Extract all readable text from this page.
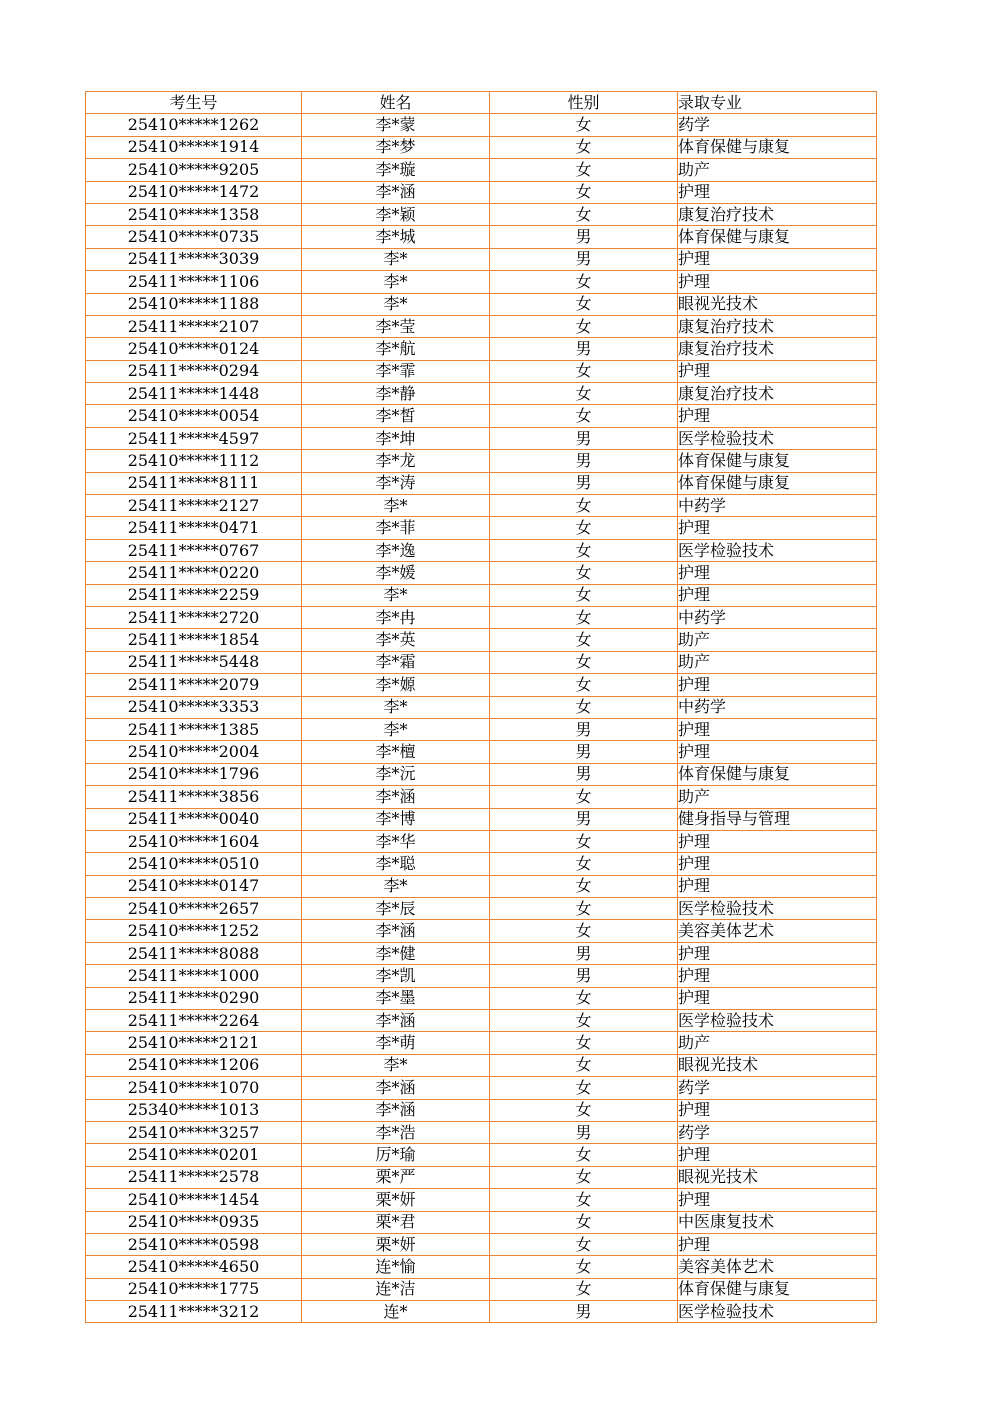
考生号	姓名	性别	录取专业
25410*****1262	李*蒙	女	药学
25410*****1914	李*梦	女	体育保健与康复
25410*****9205	李*璇	女	助产
25410*****1472	李*涵	女	护理
25410*****1358	李*颖	女	康复治疗技术
25410*****0735	李*城	男	体育保健与康复
25411*****3039	李*	男	护理
25411*****1106	李*	女	护理
25410*****1188	李*	女	眼视光技术
25411*****2107	李*莹	女	康复治疗技术
25410*****0124	李*航	男	康复治疗技术
25411*****0294	李*霏	女	护理
25411*****1448	李*静	女	康复治疗技术
25410*****0054	李*皙	女	护理
25411*****4597	李*坤	男	医学检验技术
25410*****1112	李*龙	男	体育保健与康复
25411*****8111	李*涛	男	体育保健与康复
25411*****2127	李*	女	中药学
25411*****0471	李*菲	女	护理
25411*****0767	李*逸	女	医学检验技术
25411*****0220	李*媛	女	护理
25411*****2259	李*	女	护理
25411*****2720	李*冉	女	中药学
25411*****1854	李*英	女	助产
25411*****5448	李*霜	女	助产
25411*****2079	李*嫄	女	护理
25410*****3353	李*	女	中药学
25411*****1385	李*	男	护理
25410*****2004	李*檀	男	护理
25410*****1796	李*沅	男	体育保健与康复
25411*****3856	李*涵	女	助产
25411*****0040	李*博	男	健身指导与管理
25410*****1604	李*华	女	护理
25410*****0510	李*聪	女	护理
25410*****0147	李*	女	护理
25410*****2657	李*辰	女	医学检验技术
25410*****1252	李*涵	女	美容美体艺术
25411*****8088	李*健	男	护理
25411*****1000	李*凯	男	护理
25411*****0290	李*墨	女	护理
25411*****2264	李*涵	女	医学检验技术
25410*****2121	李*萌	女	助产
25410*****1206	李*	女	眼视光技术
25410*****1070	李*涵	女	药学
25340*****1013	李*涵	女	护理
25410*****3257	李*浩	男	药学
25410*****0201	厉*瑜	女	护理
25411*****2578	栗*严	女	眼视光技术
25410*****1454	栗*妍	女	护理
25410*****0935	栗*君	女	中医康复技术
25410*****0598	栗*妍	女	护理
25410*****4650	连*愉	女	美容美体艺术
25410*****1775	连*洁	女	体育保健与康复
25411*****3212	连*	男	医学检验技术
